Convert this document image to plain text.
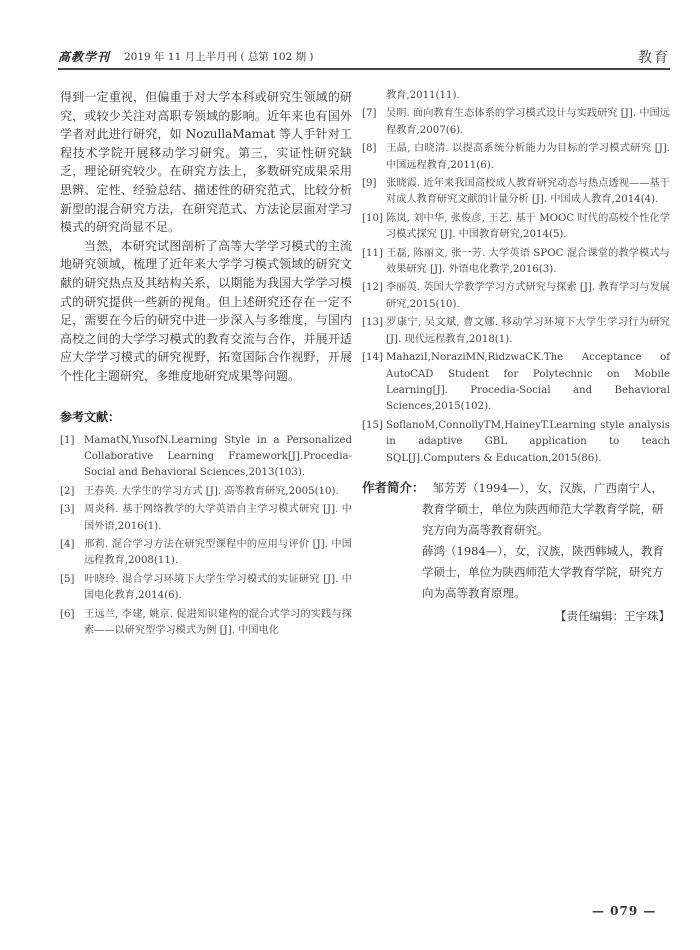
高教学刊 2019 年 11 月上半月刊 ( 总第 102 期 )	教育

得到一定重视，但偏重于对大学本科或研究生领域的研究，或较少关注对高职专领域的影响。近年来也有国外学者对此进行研究，如 NozullaMamat 等人手针对工程技术学院开展移动学习研究。第三，实证性研究缺乏，理论研究较少。在研究方法上，多数研究成果采用思辨、定性、经验总结、描述性的研究范式，比较分析新型的混合研究方法，在研究范式、方法论层面对学习模式的研究尚显不足。

当然，本研究试图剖析了高等大学学习模式的主流地研究领域，梳理了近年来大学学习模式领域的研究文献的研究热点及其结构关系，以期能为我国大学学习模式的研究提供一些新的视角。但上述研究还存在一定不足，需要在今后的研究中进一步深入与多维度，与国内高校之间的大学学习模式的教育交流与合作，并展开适应大学学习模式的研究视野，拓宽国际合作视野，开展个性化主题研究，多维度地研究成果等问题。

参考文献：
[1] MamatN,YusofN.Learning Style in a Personalized Collaborative Learning Framework[J].Procedia-Social and Behavioral Sciences,2013(103).
[2] 王春英. 大学生的学习方式 [J]. 高等教育研究,2005(10).
[3] 周炎科. 基于网络教学的大学英语自主学习模式研究 [J]. 中国外语,2016(1).
[4] 邢莉. 混合学习方法在研究型课程中的应用与评价 [J]. 中国远程教育,2008(11).
[5] 叶晓玲. 混合学习环境下大学生学习模式的实证研究 [J]. 中国电化教育,2014(6).
[6] 王远兰, 李建, 姚京. 促进知识建构的混合式学习的实践与探索——以研究型学习模式为例 [J]. 中国电化
教育,2011(11).
[7] 吴明. 面向教育生态体系的学习模式设计与实践研究 [J]. 中国远程教育,2007(6).
[8] 王晶, 白晓清. 以提高系统分析能力为目标的学习模式研究 [J]. 中国远程教育,2011(6).
[9] 张晓霞. 近年来我国高校成人教育研究动态与热点透视——基于对成人教育研究文献的计量分析 [J]. 中国成人教育,2014(4).
[10] 陈岚, 刘中华, 张俊彦, 王艺. 基于 MOOC 时代的高校个性化学习模式探究 [J]. 中国教育研究,2014(5).
[11] 王磊, 陈丽文, 张一芳. 大学英语 SPOC 混合课堂的教学模式与效果研究 [J]. 外语电化教学,2016(3).
[12] 李丽英. 英国大学教学学习方式研究与探索 [J]. 教育学习与发展研究,2015(10).
[13] 罗康宁, 吴文斌, 曹文娜. 移动学习环境下大学生学习行为研究 [J]. 现代远程教育,2018(1).
[14] MahaziI,NoraziMN,RidzwaCK.The Acceptance of AutoCAD Student for Polytechnic on Mobile Learning[J]. Procedia-Social and Behavioral Sciences,2015(102).
[15] SoflanoM,ConnollyTM,HaineyT.Learning style analysis in adaptive GBL application to teach SQL[J].Computers & Education,2015(86).
作者简介： 邹芳芳（1994—），女，汉族，广西南宁人，教育学硕士，单位为陕西师范大学教育学院，研究方向为高等教育研究。
薛鸿（1984—），女，汉族，陕西韩城人，教育学硕士，单位为陕西师范大学教育学院，研究方向为高等教育原理。
【责任编辑：王宇珠】
— 079 —
